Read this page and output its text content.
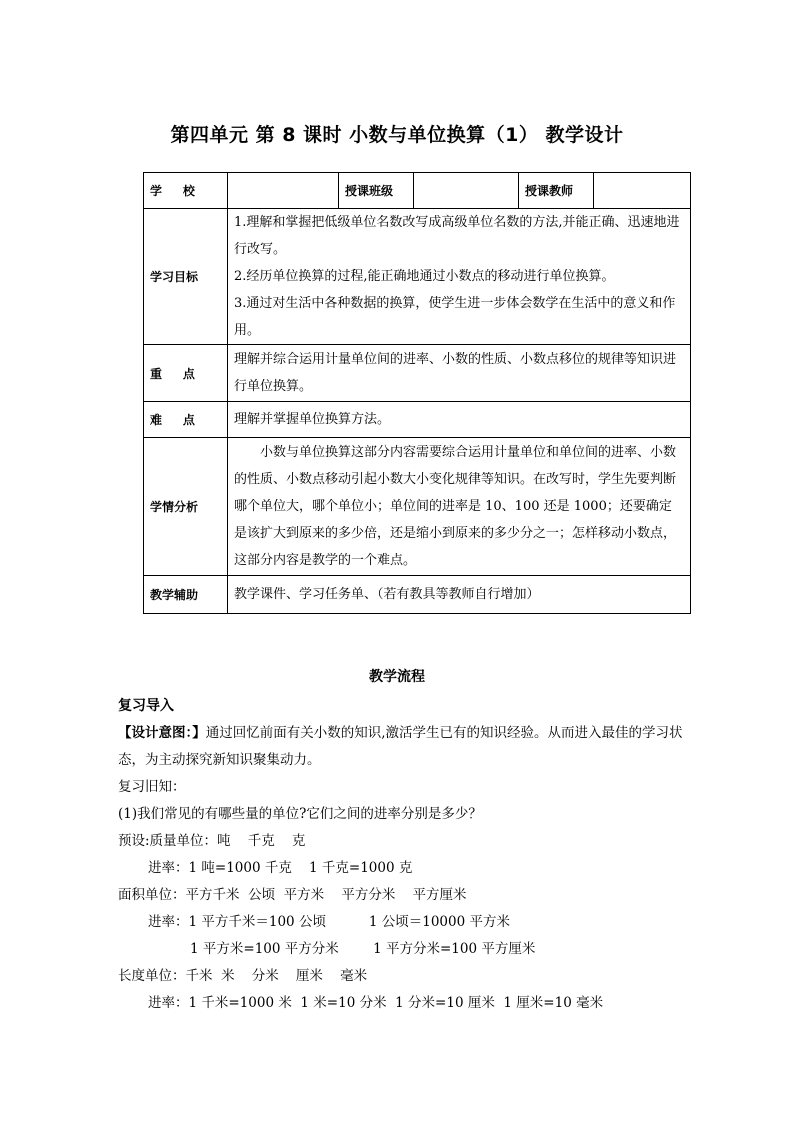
第四单元 第 8 课时 小数与单位换算（1） 教学设计
学     校		授课班级		授课教师	
学习目标	1.理解和掌握把低级单位名数改写成高级单位名数的方法,并能正确、迅速地进行改写。

2.经历单位换算的过程,能正确地通过小数点的移动进行单位换算。

3.通过对生活中各种数据的换算，使学生进一步体会数学在生活中的意义和作用。				

重     点	理解并综合运用计量单位间的进率、小数的性质、小数点移位的规律等知识进行单位换算。				
难     点	理解并掌握单位换算方法。				
学情分析	小数与单位换算这部分内容需要综合运用计量单位和单位间的进率、小数的性质、小数点移动引起小数大小变化规律等知识。在改写时，学生先要判断哪个单位大，哪个单位小；单位间的进率是 10、100 还是 1000；还要确定是该扩大到原来的多少倍，还是缩小到原来的多少分之一；怎样移动小数点，这部分内容是教学的一个难点。				

教学辅助	教学课件、学习任务单、（若有教具等教师自行增加）				
教学流程
复习导入
【设计意图：】通过回忆前面有关小数的知识,激活学生已有的知识经验。从而进入最佳的学习状态，为主动探究新知识聚集动力。
复习旧知：
(1)我们常见的有哪些量的单位?它们之间的进率分别是多少？
预设:质量单位：吨    千克    克
进率：1 吨=1000 千克    1 千克=1000 克
面积单位：平方千米  公顷  平方米    平方分米    平方厘米
进率：1 平方千米＝100 公顷          1 公顷＝10000 平方米
1 平方米=100 平方分米        1 平方分米=100 平方厘米
长度单位：千米  米    分米    厘米    毫米
进率：1 千米=1000 米  1 米=10 分米  1 分米=10 厘米  1 厘米=10 毫米
